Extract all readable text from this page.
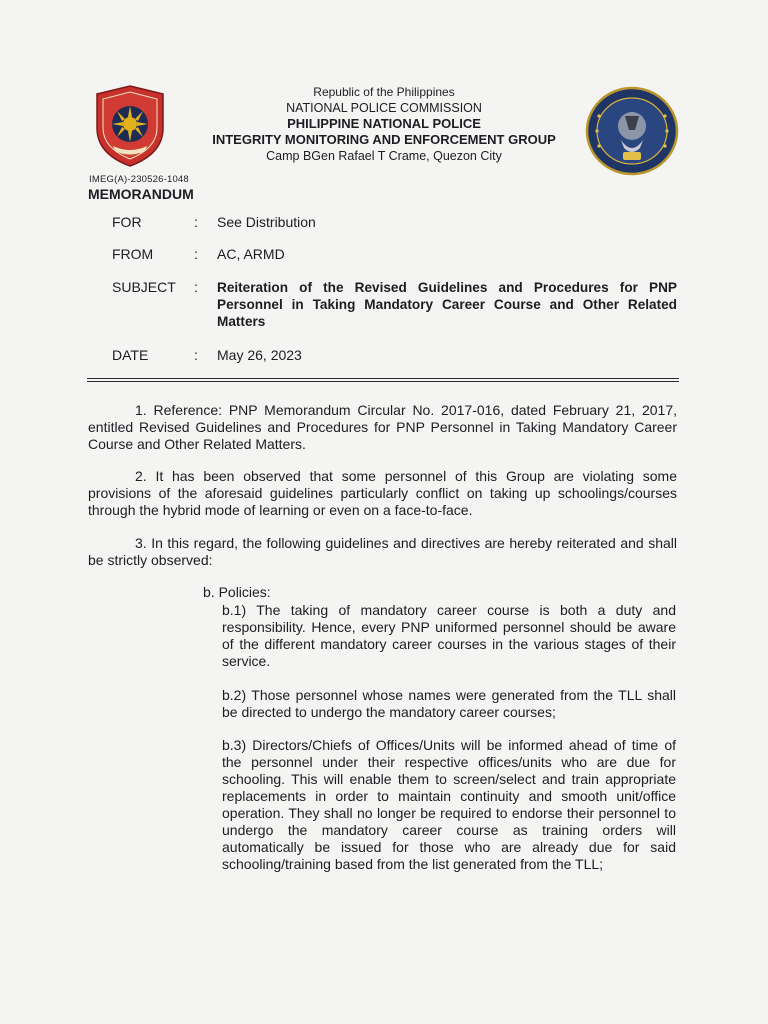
Republic of the Philippines
NATIONAL POLICE COMMISSION
PHILIPPINE NATIONAL POLICE
INTEGRITY MONITORING AND ENFORCEMENT GROUP
Camp BGen Rafael T Crame, Quezon City
IMEG(A)-230526-1048
MEMORANDUM
FOR	: See Distribution
FROM	: AC, ARMD
SUBJECT	: Reiteration of the Revised Guidelines and Procedures for PNP Personnel in Taking Mandatory Career Course and Other Related Matters
DATE	: May 26, 2023
1. Reference: PNP Memorandum Circular No. 2017-016, dated February 21, 2017, entitled Revised Guidelines and Procedures for PNP Personnel in Taking Mandatory Career Course and Other Related Matters.
2. It has been observed that some personnel of this Group are violating some provisions of the aforesaid guidelines particularly conflict on taking up schoolings/courses through the hybrid mode of learning or even on a face-to-face.
3. In this regard, the following guidelines and directives are hereby reiterated and shall be strictly observed:
b. Policies:
b.1) The taking of mandatory career course is both a duty and responsibility. Hence, every PNP uniformed personnel should be aware of the different mandatory career courses in the various stages of their service.
b.2) Those personnel whose names were generated from the TLL shall be directed to undergo the mandatory career courses;
b.3) Directors/Chiefs of Offices/Units will be informed ahead of time of the personnel under their respective offices/units who are due for schooling. This will enable them to screen/select and train appropriate replacements in order to maintain continuity and smooth unit/office operation. They shall no longer be required to endorse their personnel to undergo the mandatory career course as training orders will automatically be issued for those who are already due for said schooling/training based from the list generated from the TLL;
